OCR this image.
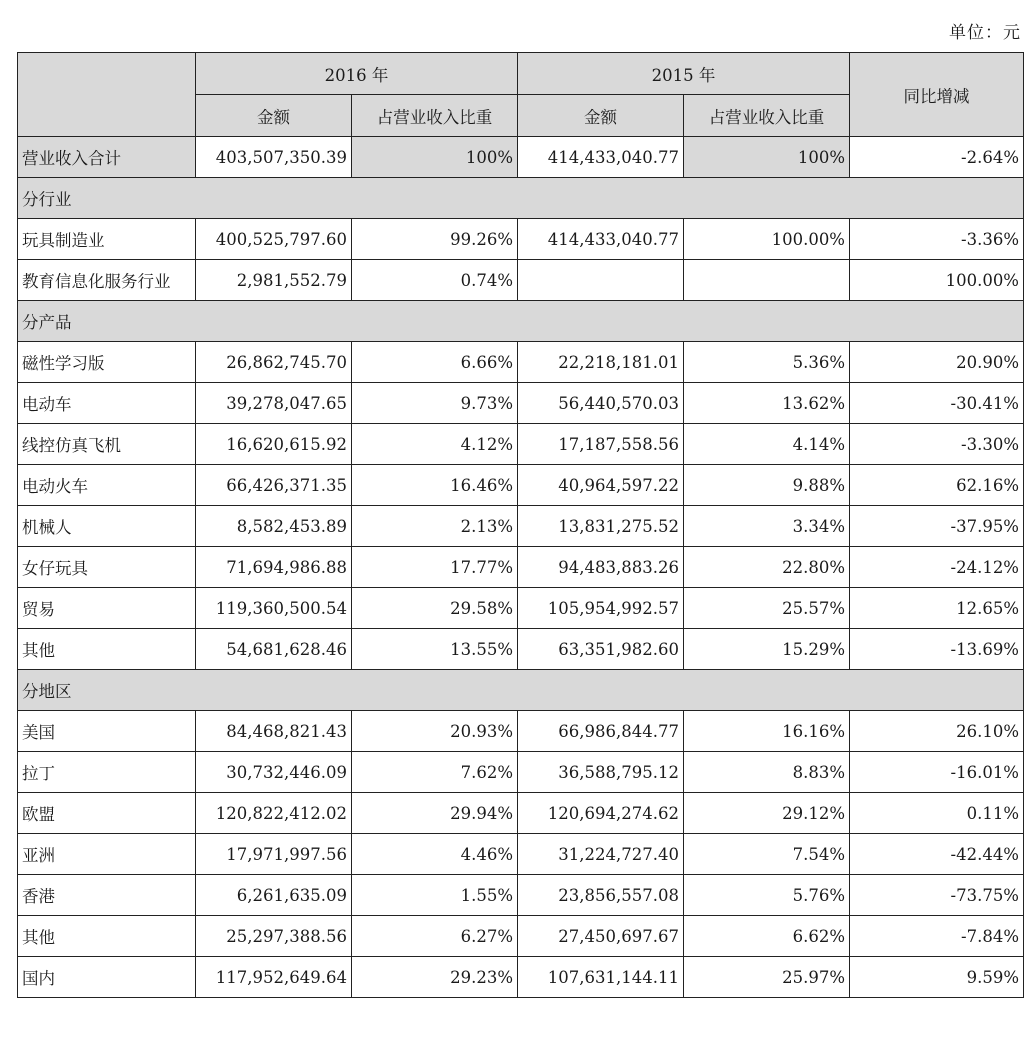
单位：元
	2016 年		2015 年		同比增减
	金额	占营业收入比重	金额	占营业收入比重	
营业收入合计	403,507,350.39	100%	414,433,040.77	100%	-2.64%
分行业					
玩具制造业	400,525,797.60	99.26%	414,433,040.77	100.00%	-3.36%
教育信息化服务行业	2,981,552.79	0.74%			100.00%
分产品					
磁性学习版	26,862,745.70	6.66%	22,218,181.01	5.36%	20.90%
电动车	39,278,047.65	9.73%	56,440,570.03	13.62%	-30.41%
线控仿真飞机	16,620,615.92	4.12%	17,187,558.56	4.14%	-3.30%
电动火车	66,426,371.35	16.46%	40,964,597.22	9.88%	62.16%
机械人	8,582,453.89	2.13%	13,831,275.52	3.34%	-37.95%
女仔玩具	71,694,986.88	17.77%	94,483,883.26	22.80%	-24.12%
贸易	119,360,500.54	29.58%	105,954,992.57	25.57%	12.65%
其他	54,681,628.46	13.55%	63,351,982.60	15.29%	-13.69%
分地区					
美国	84,468,821.43	20.93%	66,986,844.77	16.16%	26.10%
拉丁	30,732,446.09	7.62%	36,588,795.12	8.83%	-16.01%
欧盟	120,822,412.02	29.94%	120,694,274.62	29.12%	0.11%
亚洲	17,971,997.56	4.46%	31,224,727.40	7.54%	-42.44%
香港	6,261,635.09	1.55%	23,856,557.08	5.76%	-73.75%
其他	25,297,388.56	6.27%	27,450,697.67	6.62%	-7.84%
国内	117,952,649.64	29.23%	107,631,144.11	25.97%	9.59%
